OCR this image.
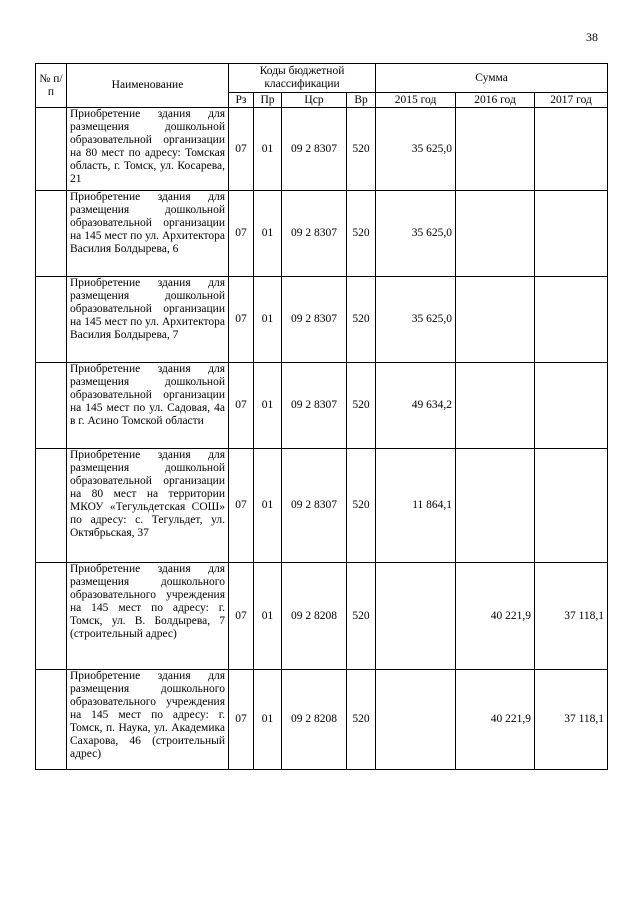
38
№ п/п	Наименование	Коды бюджетной классификации				Сумма		
		Рз	Пр	Цср	Вр	2015 год	2016 год	2017 год
	Приобретение здания для размещения дошкольной образовательной организации на 80 мест по адресу: Томская область, г. Томск, ул. Косарева, 21	07	01	09 2 8307	520	35 625,0		
	Приобретение здания для размещения дошкольной образовательной организации на 145 мест по ул. Архитектора Василия Болдырева, 6	07	01	09 2 8307	520	35 625,0		
	Приобретение здания для размещения дошкольной образовательной организации на 145 мест по ул. Архитектора Василия Болдырева, 7	07	01	09 2 8307	520	35 625,0		
	Приобретение здания для размещения дошкольной образовательной организации на 145 мест по ул. Садовая, 4а в г. Асино Томской области	07	01	09 2 8307	520	49 634,2		
	Приобретение здания для размещения дошкольной образовательной организации на 80 мест на территории МКОУ «Тегульдетская СОШ» по адресу: с. Тегульдет, ул. Октябрьская, 37	07	01	09 2 8307	520	11 864,1		
	Приобретение здания для размещения дошкольного образовательного учреждения на 145 мест по адресу: г. Томск, ул. В. Болдырева, 7 (строительный адрес)	07	01	09 2 8208	520		40 221,9	37 118,1
	Приобретение здания для размещения дошкольного образовательного учреждения на 145 мест по адресу: г. Томск, п. Наука, ул. Академика Сахарова, 46 (строительный адрес)	07	01	09 2 8208	520		40 221,9	37 118,1
